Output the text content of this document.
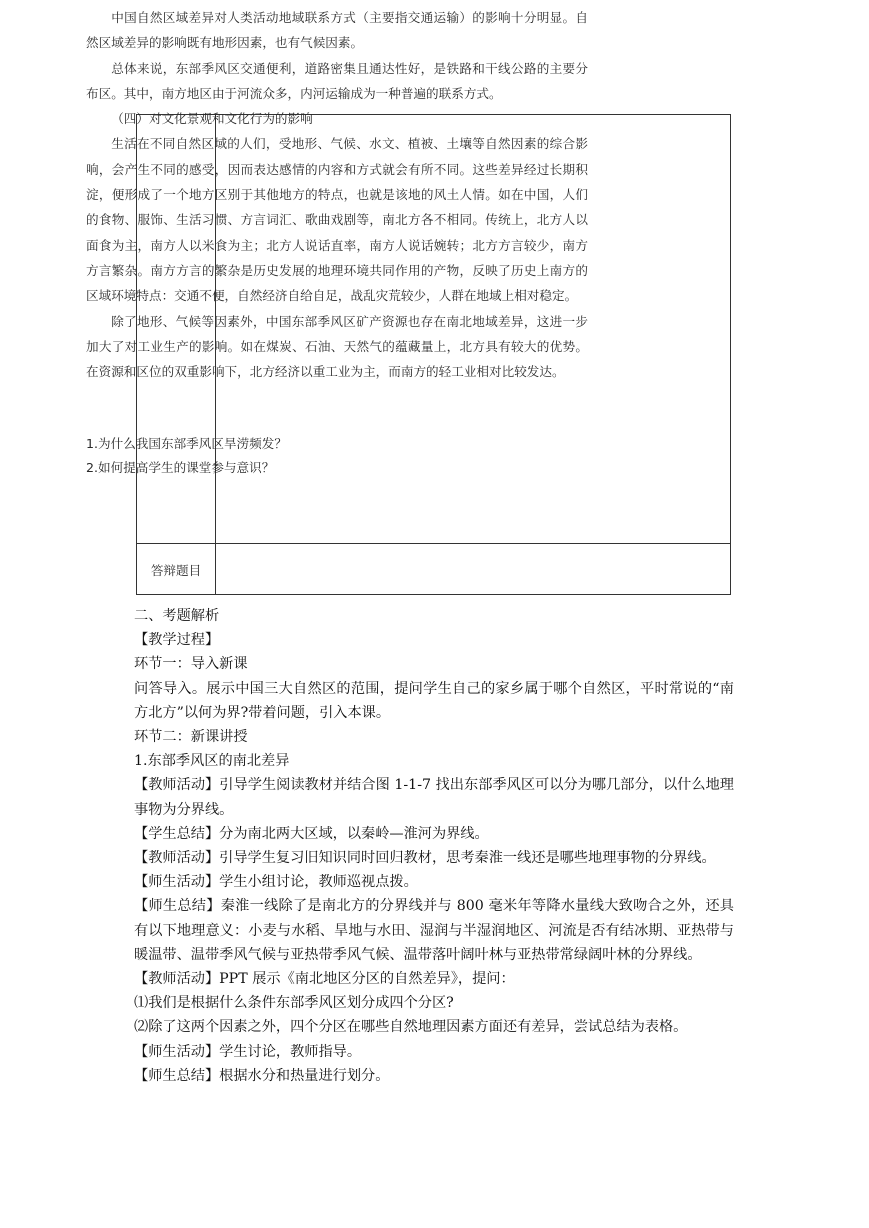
答辩题目

中国自然区域差异对人类活动地域联系方式（主要指交通运输）的影响十分明显。自然区域差异的影响既有地形因素，也有气候因素。

总体来说，东部季风区交通便利，道路密集且通达性好，是铁路和干线公路的主要分布区。其中，南方地区由于河流众多，内河运输成为一种普遍的联系方式。

（四）对文化景观和文化行为的影响

生活在不同自然区域的人们，受地形、气候、水文、植被、土壤等自然因素的综合影响，会产生不同的感受，因而表达感情的内容和方式就会有所不同。这些差异经过长期积淀，便形成了一个地方区别于其他地方的特点，也就是该地的风土人情。如在中国，人们的食物、服饰、生活习惯、方言词汇、歌曲戏剧等，南北方各不相同。传统上，北方人以面食为主，南方人以米食为主；北方人说话直率，南方人说话婉转；北方方言较少，南方方言繁杂。南方方言的繁杂是历史发展的地理环境共同作用的产物，反映了历史上南方的区域环境特点：交通不便，自然经济自给自足，战乱灾荒较少，人群在地域上相对稳定。

除了地形、气候等因素外，中国东部季风区矿产资源也存在南北地域差异，这进一步加大了对工业生产的影响。如在煤炭、石油、天然气的蕴藏量上，北方具有较大的优势。在资源和区位的双重影响下，北方经济以重工业为主，而南方的轻工业相对比较发达。

1.为什么我国东部季风区旱涝频发？

2.如何提高学生的课堂参与意识？

二、考题解析

【教学过程】

环节一：导入新课

问答导入。展示中国三大自然区的范围，提问学生自己的家乡属于哪个自然区，平时常说的“南方北方”以何为界?带着问题，引入本课。

环节二：新课讲授

1.东部季风区的南北差异

【教师活动】引导学生阅读教材并结合图 1-1-7 找出东部季风区可以分为哪几部分，以什么地理事物为分界线。

【学生总结】分为南北两大区域，以秦岭—淮河为界线。

【教师活动】引导学生复习旧知识同时回归教材，思考秦淮一线还是哪些地理事物的分界线。

【师生活动】学生小组讨论，教师巡视点拨。

【师生总结】秦淮一线除了是南北方的分界线并与 800 毫米年等降水量线大致吻合之外，还具有以下地理意义：小麦与水稻、旱地与水田、湿润与半湿润地区、河流是否有结冰期、亚热带与暖温带、温带季风气候与亚热带季风气候、温带落叶阔叶林与亚热带常绿阔叶林的分界线。

【教师活动】PPT 展示《南北地区分区的自然差异》，提问：

⑴我们是根据什么条件东部季风区划分成四个分区?

⑵除了这两个因素之外，四个分区在哪些自然地理因素方面还有差异，尝试总结为表格。

【师生活动】学生讨论，教师指导。

【师生总结】根据水分和热量进行划分。
